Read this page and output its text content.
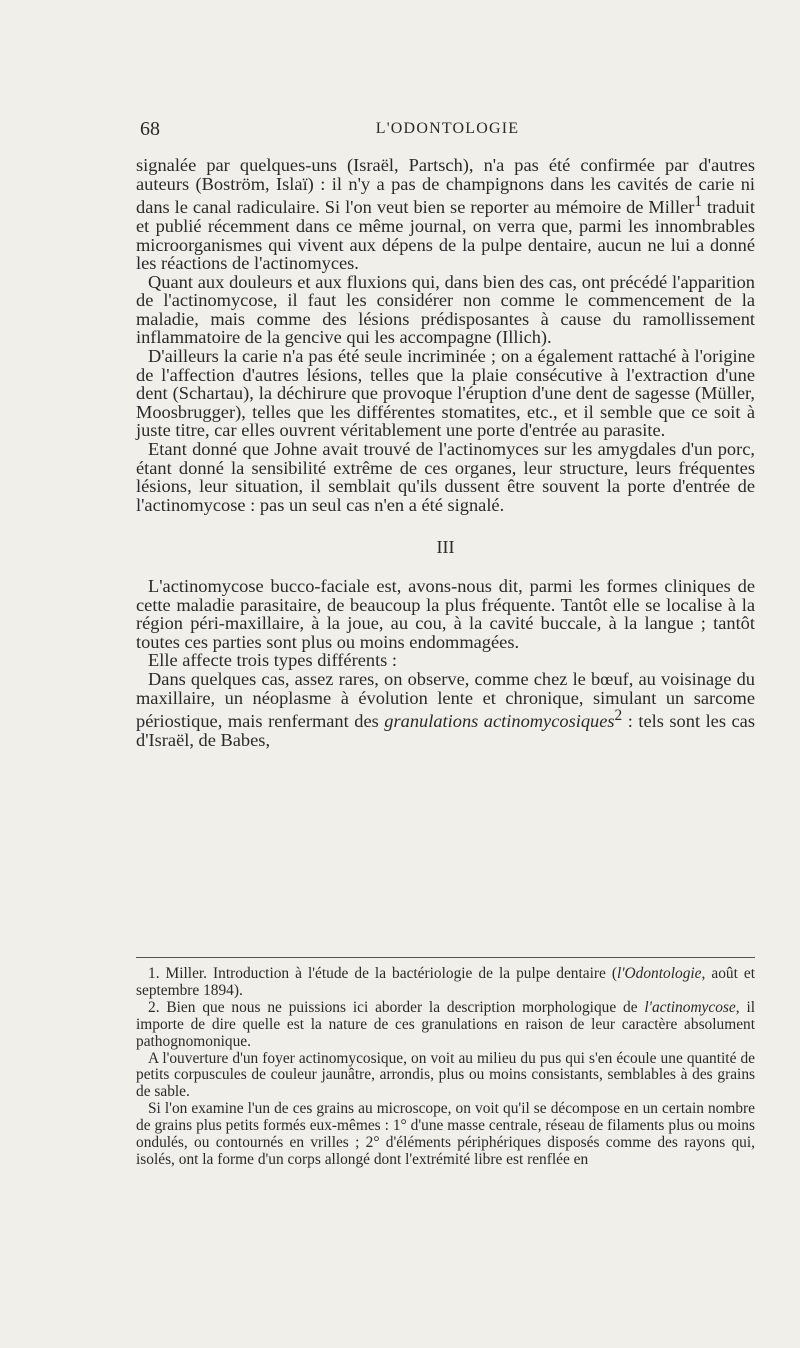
68	L'ODONTOLOGIE

signalée par quelques-uns (Israël, Partsch), n'a pas été confirmée par d'autres auteurs (Boström, Islaï) : il n'y a pas de champignons dans les cavités de carie ni dans le canal radiculaire. Si l'on veut bien se reporter au mémoire de Miller$^1$ traduit et publié récemment dans ce même journal, on verra que, parmi les innombrables microorganismes qui vivent aux dépens de la pulpe dentaire, aucun ne lui a donné les réactions de l'actinomyces.

Quant aux douleurs et aux fluxions qui, dans bien des cas, ont précédé l'apparition de l'actinomycose, il faut les considérer non comme le commencement de la maladie, mais comme des lésions prédisposantes à cause du ramollissement inflammatoire de la gencive qui les accompagne (Illich).

D'ailleurs la carie n'a pas été seule incriminée ; on a également rattaché à l'origine de l'affection d'autres lésions, telles que la plaie consécutive à l'extraction d'une dent (Schartau), la déchirure que provoque l'éruption d'une dent de sagesse (Müller, Moosbrugger), telles que les différentes stomatites, etc., et il semble que ce soit à juste titre, car elles ouvrent véritablement une porte d'entrée au parasite.

Etant donné que Johne avait trouvé de l'actinomyces sur les amygdales d'un porc, étant donné la sensibilité extrême de ces organes, leur structure, leurs fréquentes lésions, leur situation, il semblait qu'ils dussent être souvent la porte d'entrée de l'actinomycose : pas un seul cas n'en a été signalé.

III

L'actinomycose bucco-faciale est, avons-nous dit, parmi les formes cliniques de cette maladie parasitaire, de beaucoup la plus fréquente. Tantôt elle se localise à la région péri-maxillaire, à la joue, au cou, à la cavité buccale, à la langue ; tantôt toutes ces parties sont plus ou moins endommagées.

Elle affecte trois types différents :

Dans quelques cas, assez rares, on observe, comme chez le bœuf, au voisinage du maxillaire, un néoplasme à évolution lente et chronique, simulant un sarcome périostique, mais renfermant des granulations actinomycosiques$^2$ : tels sont les cas d'Israël, de Babes,

1. Miller. Introduction à l'étude de la bactériologie de la pulpe dentaire (l'Odontologie, août et septembre 1894).

2. Bien que nous ne puissions ici aborder la description morphologique de l'actinomycose, il importe de dire quelle est la nature de ces granulations en raison de leur caractère absolument pathognomonique.

A l'ouverture d'un foyer actinomycosique, on voit au milieu du pus qui s'en écoule une quantité de petits corpuscules de couleur jaunâtre, arrondis, plus ou moins consistants, semblables à des grains de sable.

Si l'on examine l'un de ces grains au microscope, on voit qu'il se décompose en un certain nombre de grains plus petits formés eux-mêmes : 1° d'une masse centrale, réseau de filaments plus ou moins ondulés, ou contournés en vrilles ; 2° d'éléments périphériques disposés comme des rayons qui, isolés, ont la forme d'un corps allongé dont l'extrémité libre est renflée en
